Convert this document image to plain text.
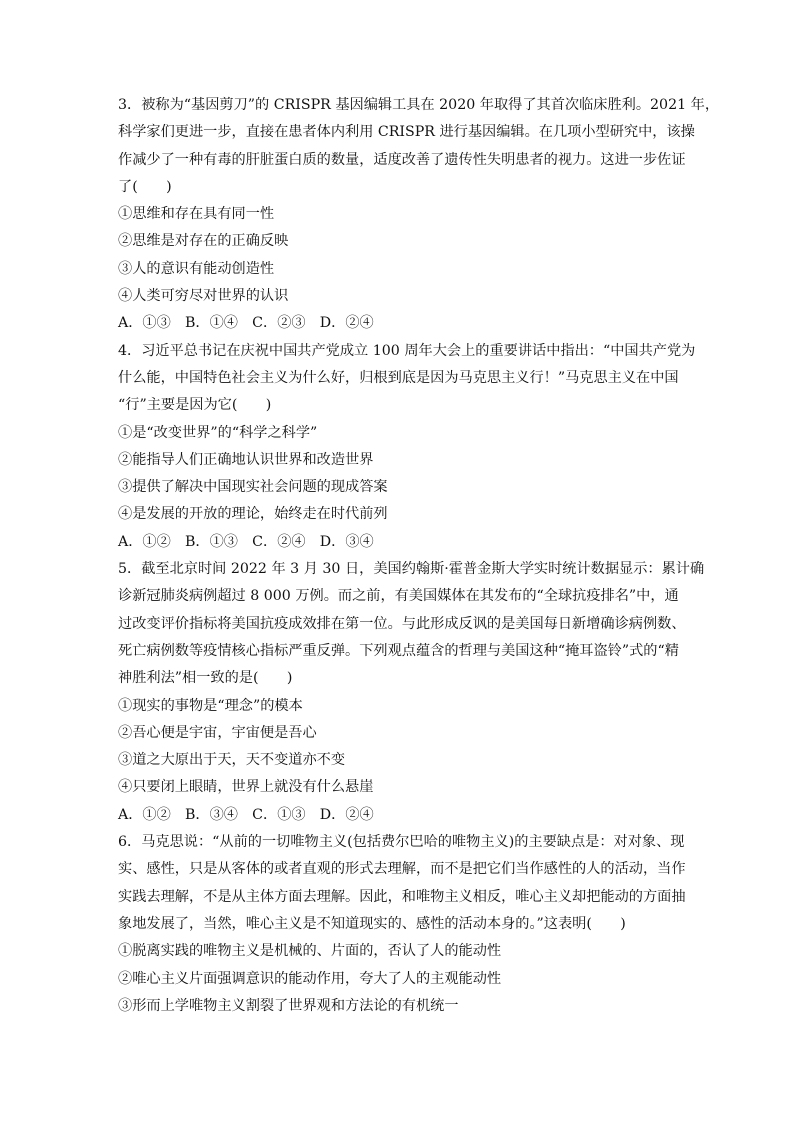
3．被称为“基因剪刀”的 CRISPR 基因编辑工具在 2020 年取得了其首次临床胜利。2021 年，
科学家们更进一步，直接在患者体内利用 CRISPR 进行基因编辑。在几项小型研究中，该操
作减少了一种有毒的肝脏蛋白质的数量，适度改善了遗传性失明患者的视力。这进一步佐证
了(　　)
①思维和存在具有同一性
②思维是对存在的正确反映
③人的意识有能动创造性
④人类可穷尽对世界的认识
A．①③　B．①④　C．②③　D．②④
4．习近平总书记在庆祝中国共产党成立 100 周年大会上的重要讲话中指出：“中国共产党为
什么能，中国特色社会主义为什么好，归根到底是因为马克思主义行！”马克思主义在中国
“行”主要是因为它(　　)
①是“改变世界”的“科学之科学”
②能指导人们正确地认识世界和改造世界
③提供了解决中国现实社会问题的现成答案
④是发展的开放的理论，始终走在时代前列
A．①②　B．①③　C．②④　D．③④
5．截至北京时间 2022 年 3 月 30 日，美国约翰斯·霍普金斯大学实时统计数据显示：累计确
诊新冠肺炎病例超过 8 000 万例。而之前，有美国媒体在其发布的“全球抗疫排名”中，通
过改变评价指标将美国抗疫成效排在第一位。与此形成反讽的是美国每日新增确诊病例数、
死亡病例数等疫情核心指标严重反弹。下列观点蕴含的哲理与美国这种“掩耳盗铃”式的“精
神胜利法”相一致的是(　　)
①现实的事物是“理念”的模本
②吾心便是宇宙，宇宙便是吾心
③道之大原出于天，天不变道亦不变
④只要闭上眼睛，世界上就没有什么悬崖
A．①②　B．③④　C．①③　D．②④
6．马克思说：“从前的一切唯物主义(包括费尔巴哈的唯物主义)的主要缺点是：对对象、现
实、感性，只是从客体的或者直观的形式去理解，而不是把它们当作感性的人的活动，当作
实践去理解，不是从主体方面去理解。因此，和唯物主义相反，唯心主义却把能动的方面抽
象地发展了，当然，唯心主义是不知道现实的、感性的活动本身的。”这表明(　　)
①脱离实践的唯物主义是机械的、片面的，否认了人的能动性
②唯心主义片面强调意识的能动作用，夸大了人的主观能动性
③形而上学唯物主义割裂了世界观和方法论的有机统一
